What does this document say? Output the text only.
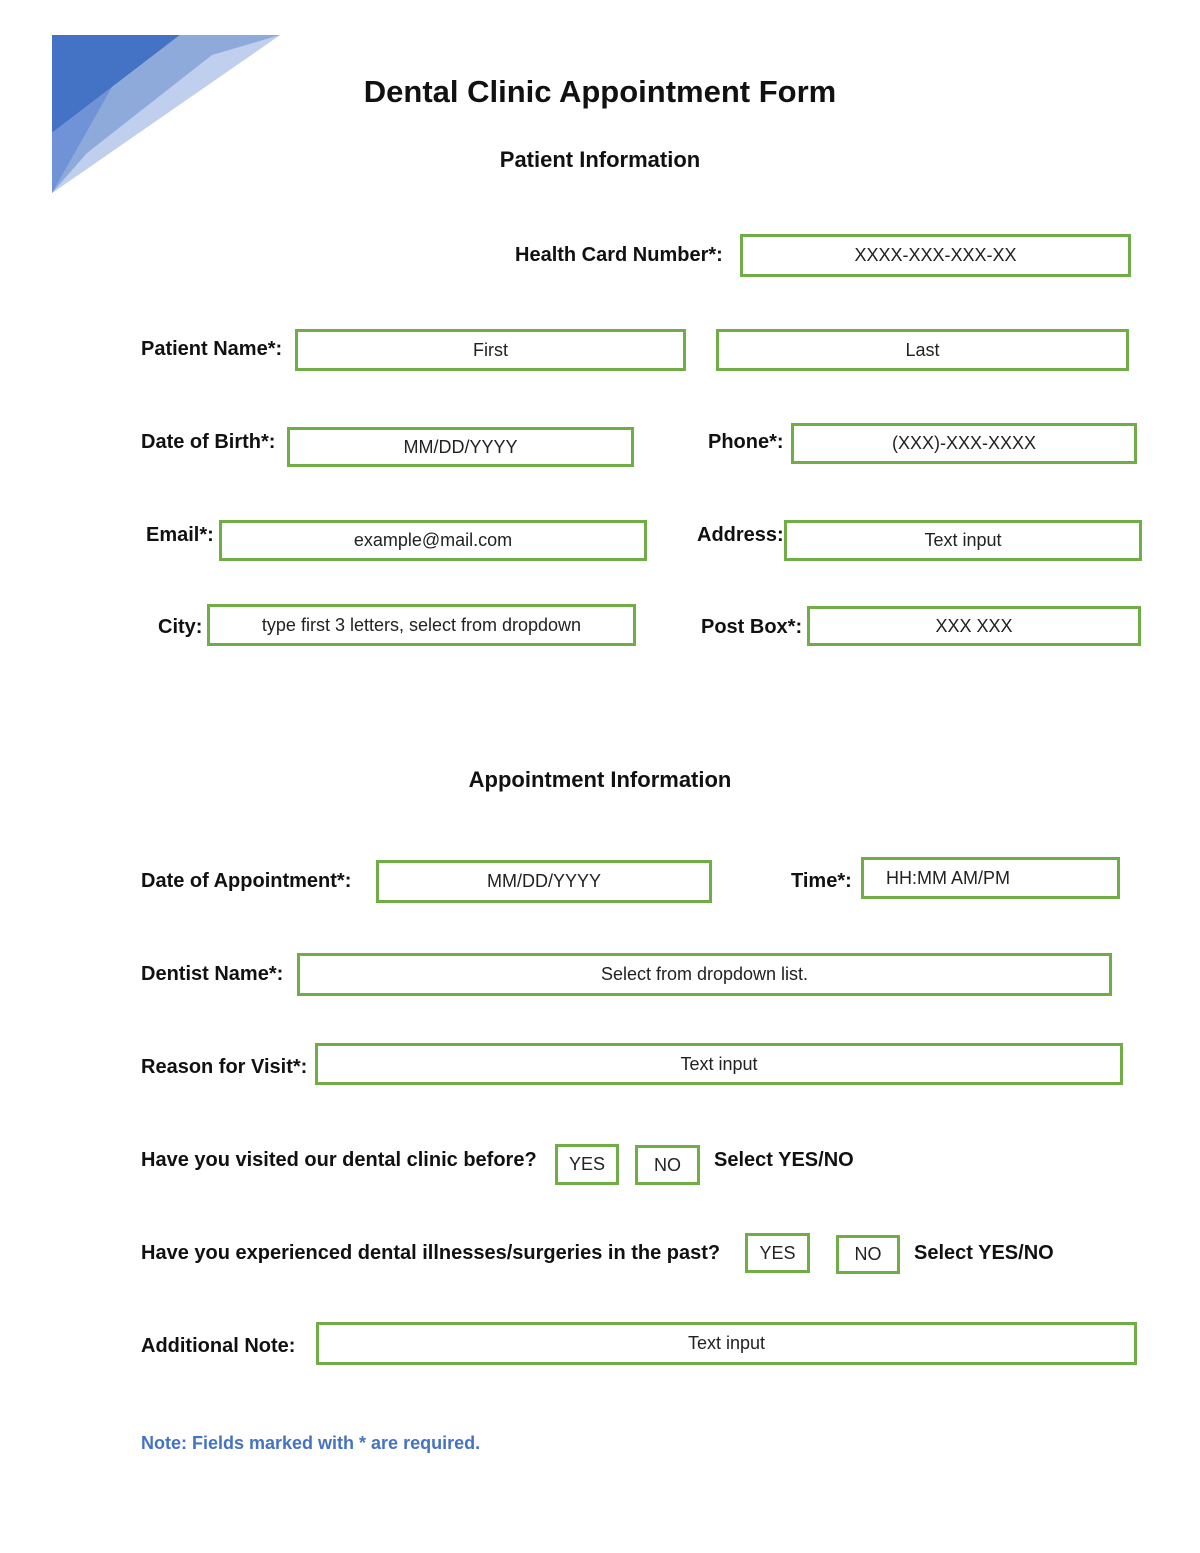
Dental Clinic Appointment Form
Patient Information
Health Card Number*:	XXXX-XXX-XXX-XX
Patient Name*:	First	Last
Date of Birth*:	MM/DD/YYYY	Phone*:	(XXX)-XXX-XXXX
Email*:	example@mail.com	Address:	Text input
City:	type first 3 letters, select from dropdown	Post Box*:	XXX XXX
Appointment Information
Date of Appointment*:	MM/DD/YYYY	Time*:	HH:MM AM/PM
Dentist Name*:	Select from dropdown list.
Reason for Visit*:	Text input
Have you visited our dental clinic before?	YES	NO	Select YES/NO
Have you experienced dental illnesses/surgeries in the past?	YES	NO	Select YES/NO
Additional Note:	Text input
Note: Fields marked with * are required.
